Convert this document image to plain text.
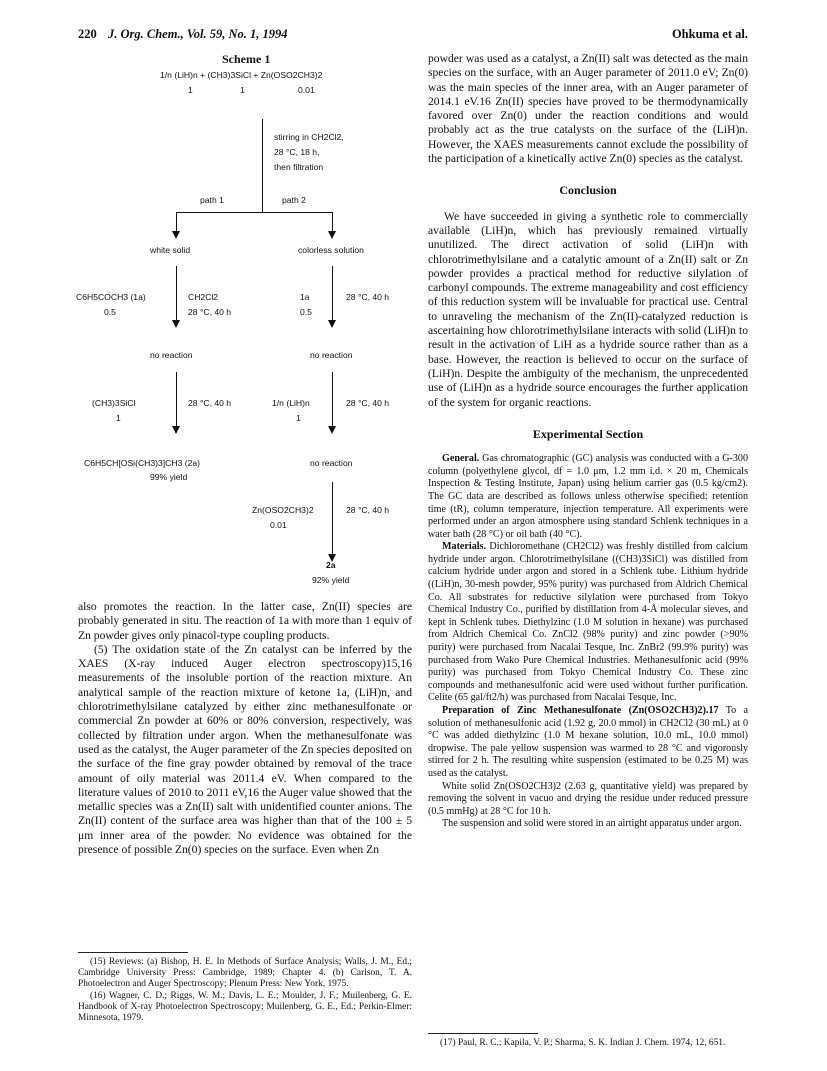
220 J. Org. Chem., Vol. 59, No. 1, 1994	Ohkuma et al.
Scheme 1
1/n (LiH)n + (CH3)3SiCl + Zn(OSO2CH3)2
1	1	0.01
stirring in CH2Cl2,
28 °C, 18 h,
then filtration
path 1	path 2
white solid	colorless solution
C6H5COCH3 (1a)
0.5
CH2Cl2
28 °C, 40 h
1a
0.5
28 °C, 40 h
no reaction	no reaction
(CH3)3SiCl
1
28 °C, 40 h	1/n (LiH)n
1
28 °C, 40 h
C6H5CH[OSi(CH3)3]CH3 (2a)
99% yield
no reaction
Zn(OSO2CH3)2
0.01
28 °C, 40 h
2a
92% yield

also promotes the reaction. In the latter case, Zn(II) species are probably generated in situ. The reaction of 1a with more than 1 equiv of Zn powder gives only pinacol-type coupling products.

(5) The oxidation state of the Zn catalyst can be inferred by the XAES (X-ray induced Auger electron spectroscopy)15,16 measurements of the insoluble portion of the reaction mixture. An analytical sample of the reaction mixture of ketone 1a, (LiH)n, and chlorotrimethylsilane catalyzed by either zinc methanesulfonate or commercial Zn powder at 60% or 80% conversion, respectively, was collected by filtration under argon. When the methanesulfonate was used as the catalyst, the Auger parameter of the Zn species deposited on the surface of the fine gray powder obtained by removal of the trace amount of oily material was 2011.4 eV. When compared to the literature values of 2010 to 2011 eV,16 the Auger value showed that the metallic species was a Zn(II) salt with unidentified counter anions. The Zn(II) content of the surface area was higher than that of the 100 ± 5 μm inner area of the powder. No evidence was obtained for the presence of possible Zn(0) species on the surface. Even when Zn

(15) Reviews: (a) Bishop, H. E. In Methods of Surface Analysis; Walls, J. M., Ed.; Cambridge University Press: Cambridge, 1989; Chapter 4. (b) Carlson, T. A. Photoelectron and Auger Spectroscopy; Plenum Press: New York, 1975.

(16) Wagner, C. D.; Riggs, W. M.; Davis, L. E.; Moulder, J. F.; Muilenberg, G. E. Handbook of X-ray Photoelectron Spectroscopy; Muilenberg, G. E., Ed.; Perkin-Elmer: Minnesota, 1979.

powder was used as a catalyst, a Zn(II) salt was detected as the main species on the surface, with an Auger parameter of 2011.0 eV; Zn(0) was the main species of the inner area, with an Auger parameter of 2014.1 eV.16 Zn(II) species have proved to be thermodynamically favored over Zn(0) under the reaction conditions and would probably act as the true catalysts on the surface of the (LiH)n. However, the XAES measurements cannot exclude the possibility of the participation of a kinetically active Zn(0) species as the catalyst.

Conclusion

We have succeeded in giving a synthetic role to commercially available (LiH)n, which has previously remained virtually unutilized. The direct activation of solid (LiH)n with chlorotrimethylsilane and a catalytic amount of a Zn(II) salt or Zn powder provides a practical method for reductive silylation of carbonyl compounds. The extreme manageability and cost efficiency of this reduction system will be invaluable for practical use. Central to unraveling the mechanism of the Zn(II)-catalyzed reduction is ascertaining how chlorotrimethylsilane interacts with solid (LiH)n to result in the activation of LiH as a hydride source rather than as a base. However, the reaction is believed to occur on the surface of (LiH)n. Despite the ambiguity of the mechanism, the unprecedented use of (LiH)n as a hydride source encourages the further application of the system for organic reactions.

Experimental Section

General. Gas chromatographic (GC) analysis was conducted with a G-300 column (polyethylene glycol, df = 1.0 μm, 1.2 mm i.d. × 20 m, Chemicals Inspection & Testing Institute, Japan) using helium carrier gas (0.5 kg/cm2). The GC data are described as follows unless otherwise specified: retention time (tR), column temperature, injection temperature. All experiments were performed under an argon atmosphere using standard Schlenk techniques in a water bath (28 °C) or oil bath (40 °C).

Materials. Dichloromethane (CH2Cl2) was freshly distilled from calcium hydride under argon. Chlorotrimethylsilane ((CH3)3SiCl) was distilled from calcium hydride under argon and stored in a Schlenk tube. Lithium hydride ((LiH)n, 30-mesh powder, 95% purity) was purchased from Aldrich Chemical Co. All substrates for reductive silylation were purchased from Tokyo Chemical Industry Co., purified by distillation from 4-Å molecular sieves, and kept in Schlenk tubes. Diethylzinc (1.0 M solution in hexane) was purchased from Aldrich Chemical Co. ZnCl2 (98% purity) and zinc powder (>90% purity) were purchased from Nacalai Tesque, Inc. ZnBr2 (99.9% purity) was purchased from Wako Pure Chemical Industries. Methanesulfonic acid (99% purity) was purchased from Tokyo Chemical Industry Co. These zinc compounds and methanesulfonic acid were used without further purification. Celite (65 gal/ft2/h) was purchased from Nacalai Tesque, Inc.

Preparation of Zinc Methanesulfonate (Zn(OSO2CH3)2).17 To a solution of methanesulfonic acid (1.92 g, 20.0 mmol) in CH2Cl2 (30 mL) at 0 °C was added diethylzinc (1.0 M hexane solution, 10.0 mL, 10.0 mmol) dropwise. The pale yellow suspension was warmed to 28 °C and vigorously stirred for 2 h. The resulting white suspension (estimated to be 0.25 M) was used as the catalyst.

White solid Zn(OSO2CH3)2 (2.63 g, quantitative yield) was prepared by removing the solvent in vacuo and drying the residue under reduced pressure (0.5 mmHg) at 28 °C for 10 h.

The suspension and solid were stored in an airtight apparatus under argon.

(17) Paul, R. C.; Kapila, V. P.; Sharma, S. K. Indian J. Chem. 1974, 12, 651.
